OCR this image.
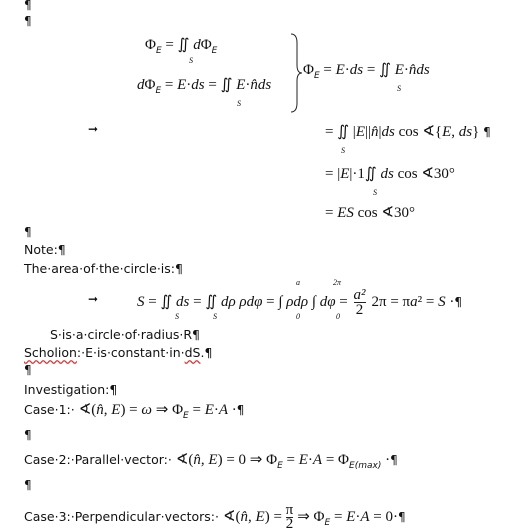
¶
¶
$\Phi_E$ = ∬ $d\Phi_E$
S
$d\Phi_E = E\cdot ds$ = ∬ E·n̂ds
S
$\Phi_E = E\cdot ds$ = ∬ E·n̂ds
S
➞	= ∬ |E||n̂|ds cos ∢{E, ds} ¶
S
= |E|·1∬ ds cos ∢30°
S
= ES cos ∢30°
¶
Note:¶
The·area·of·the·circle·is:¶
➞	S = ∬ ds = ∬ dρ ρdφ = ∫ ρdρ ∫ $d\varphi = \frac{\text{a²}}{2} 2\pi = \pi a^2 = S$ ·¶
S	S	0
a
0
2π
S·is·a·circle·of·radius·R¶
Scholion:·E·is·constant·in·dS.¶
¶
Investigation:¶
Case·1:· ∢(n̂, E) = ω ⇒ $\Phi_E = E\cdot A$ ·¶
¶
Case·2:·Parallel·vector:· ∢(n̂, E) = 0 ⇒ $\Phi_E = E\cdot A = \Phi_{E(max)}$ ·¶
¶
Case·3:·Perpendicular·vectors:· ∢(n̂, $E) = \frac{\pi}{2}$ ⇒ $\Phi_E = E\cdot A$ = 0·¶
